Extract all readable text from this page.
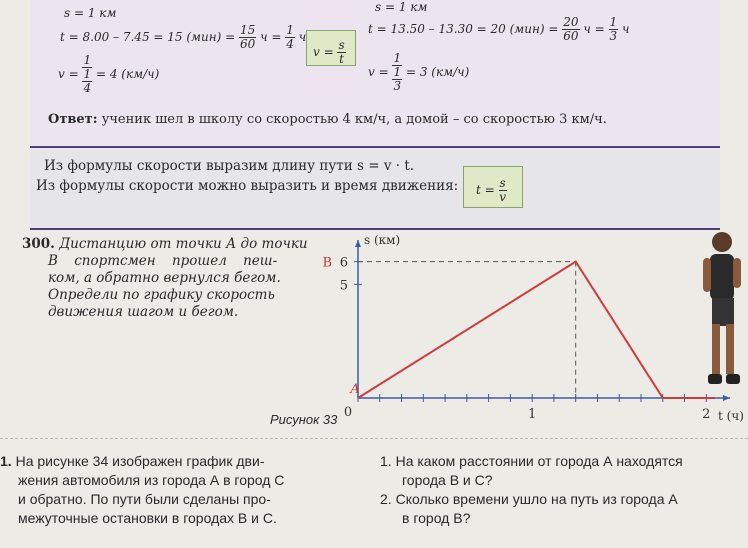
s = 1 км
t = 8.00 – 7.45 = 15 $(мин) = \frac{15}{60}$ $ч = \frac{1}{4}$ ч
$v = \frac{1}{\frac{1}{4}} = 4$ (км/ч)
$v = \frac{s}{t}$
s = 1 км
t = 13.50 – 13.30 = 20 $(мин) = \frac{20}{60}$ $ч = \frac{1}{3}$ ч
$v = \frac{1}{\frac{1}{3}} = 3$ (км/ч)
Ответ: ученик шел в школу со скоростью 4 км/ч, а домой – со скоростью 3 км/ч.
Из формулы скорости выразим длину пути s = v · t.
Из формулы скорости можно выразить и время движения: $t = \frac{s}{v}$
300. Дистанцию от точки А до точки
В спортсмен прошел пеш-
ком, а обратно вернулся бегом.
Определи по графику скорость
движения шагом и бегом.
Рисунок 33
5
6
0	1	2
В
А
s (км)
t (ч)
1. На рисунке 34 изображен график дви-
жения автомобиля из города А в город С
и обратно. По пути были сделаны про-
межуточные остановки в городах В и С.
1. На каком расстоянии от города А находятся
города В и С?
2. Сколько времени ушло на путь из города А
в город В?
